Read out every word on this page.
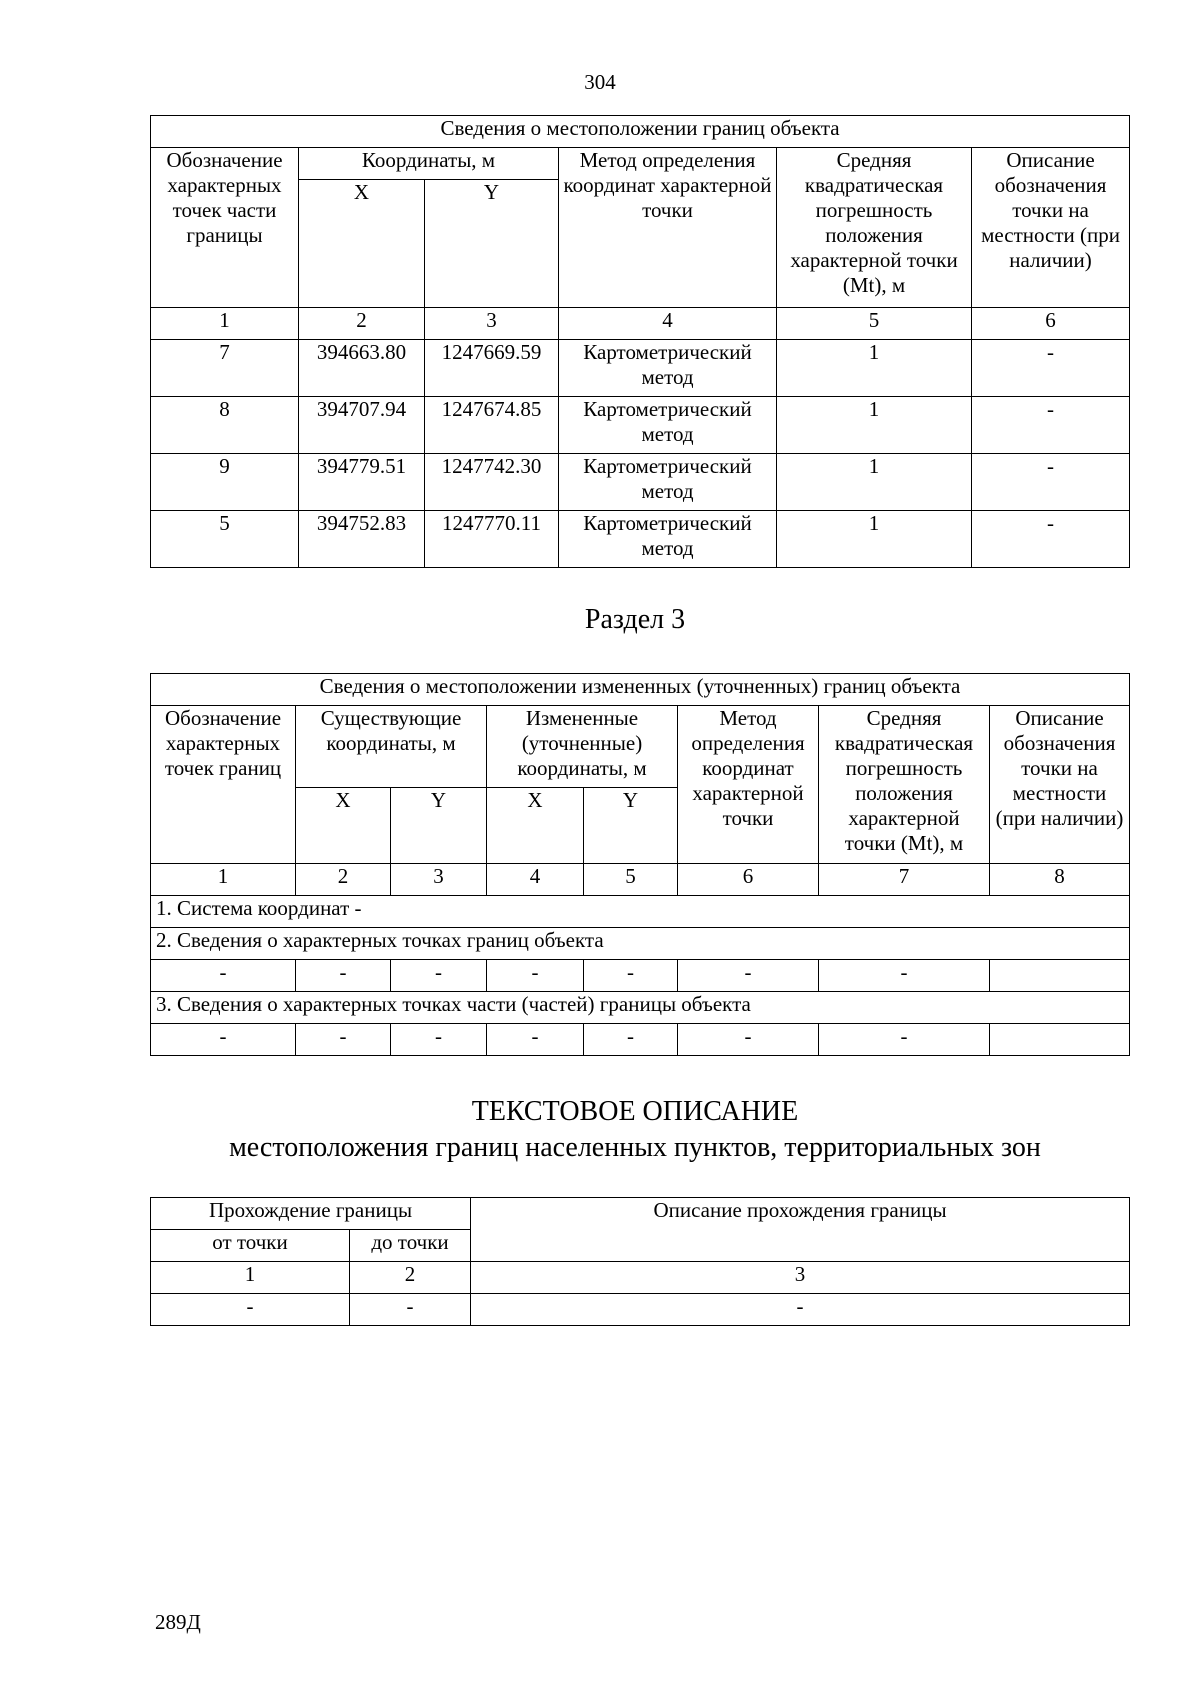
304
Сведения о местоположении границ объекта					
Обозначение характерных точек части границы	Координаты, м		Метод определения координат характерной точки	Средняя квадратическая погрешность положения характерной точки (Mt), м	Описание обозначения точки на местности (при наличии)
	X	Y			
1	2	3	4	5	6
7	394663.80	1247669.59	Картометрический метод	1	-
8	394707.94	1247674.85	Картометрический метод	1	-
9	394779.51	1247742.30	Картометрический метод	1	-
5	394752.83	1247770.11	Картометрический метод	1	-
Раздел 3
Сведения о местоположении измененных (уточненных) границ объекта							
Обозначение характерных точек границ	Существующие координаты, м		Измененные (уточненные) координаты, м		Метод определения координат характерной точки	Средняя квадратическая погрешность положения характерной точки (Mt), м	Описание обозначения точки на местности (при наличии)
	X	Y	X	Y			
1	2	3	4	5	6	7	8
1. Система координат -							
2. Сведения о характерных точках границ объекта							
-	-	-	-	-	-	-	
3. Сведения о характерных точках части (частей) границы объекта							
-	-	-	-	-	-	-	
ТЕКСТОВОЕ ОПИСАНИЕ
местоположения границ населенных пунктов, территориальных зон
Прохождение границы		Описание прохождения границы
от точки	до точки	
1	2	3
-	-	-
289Д
